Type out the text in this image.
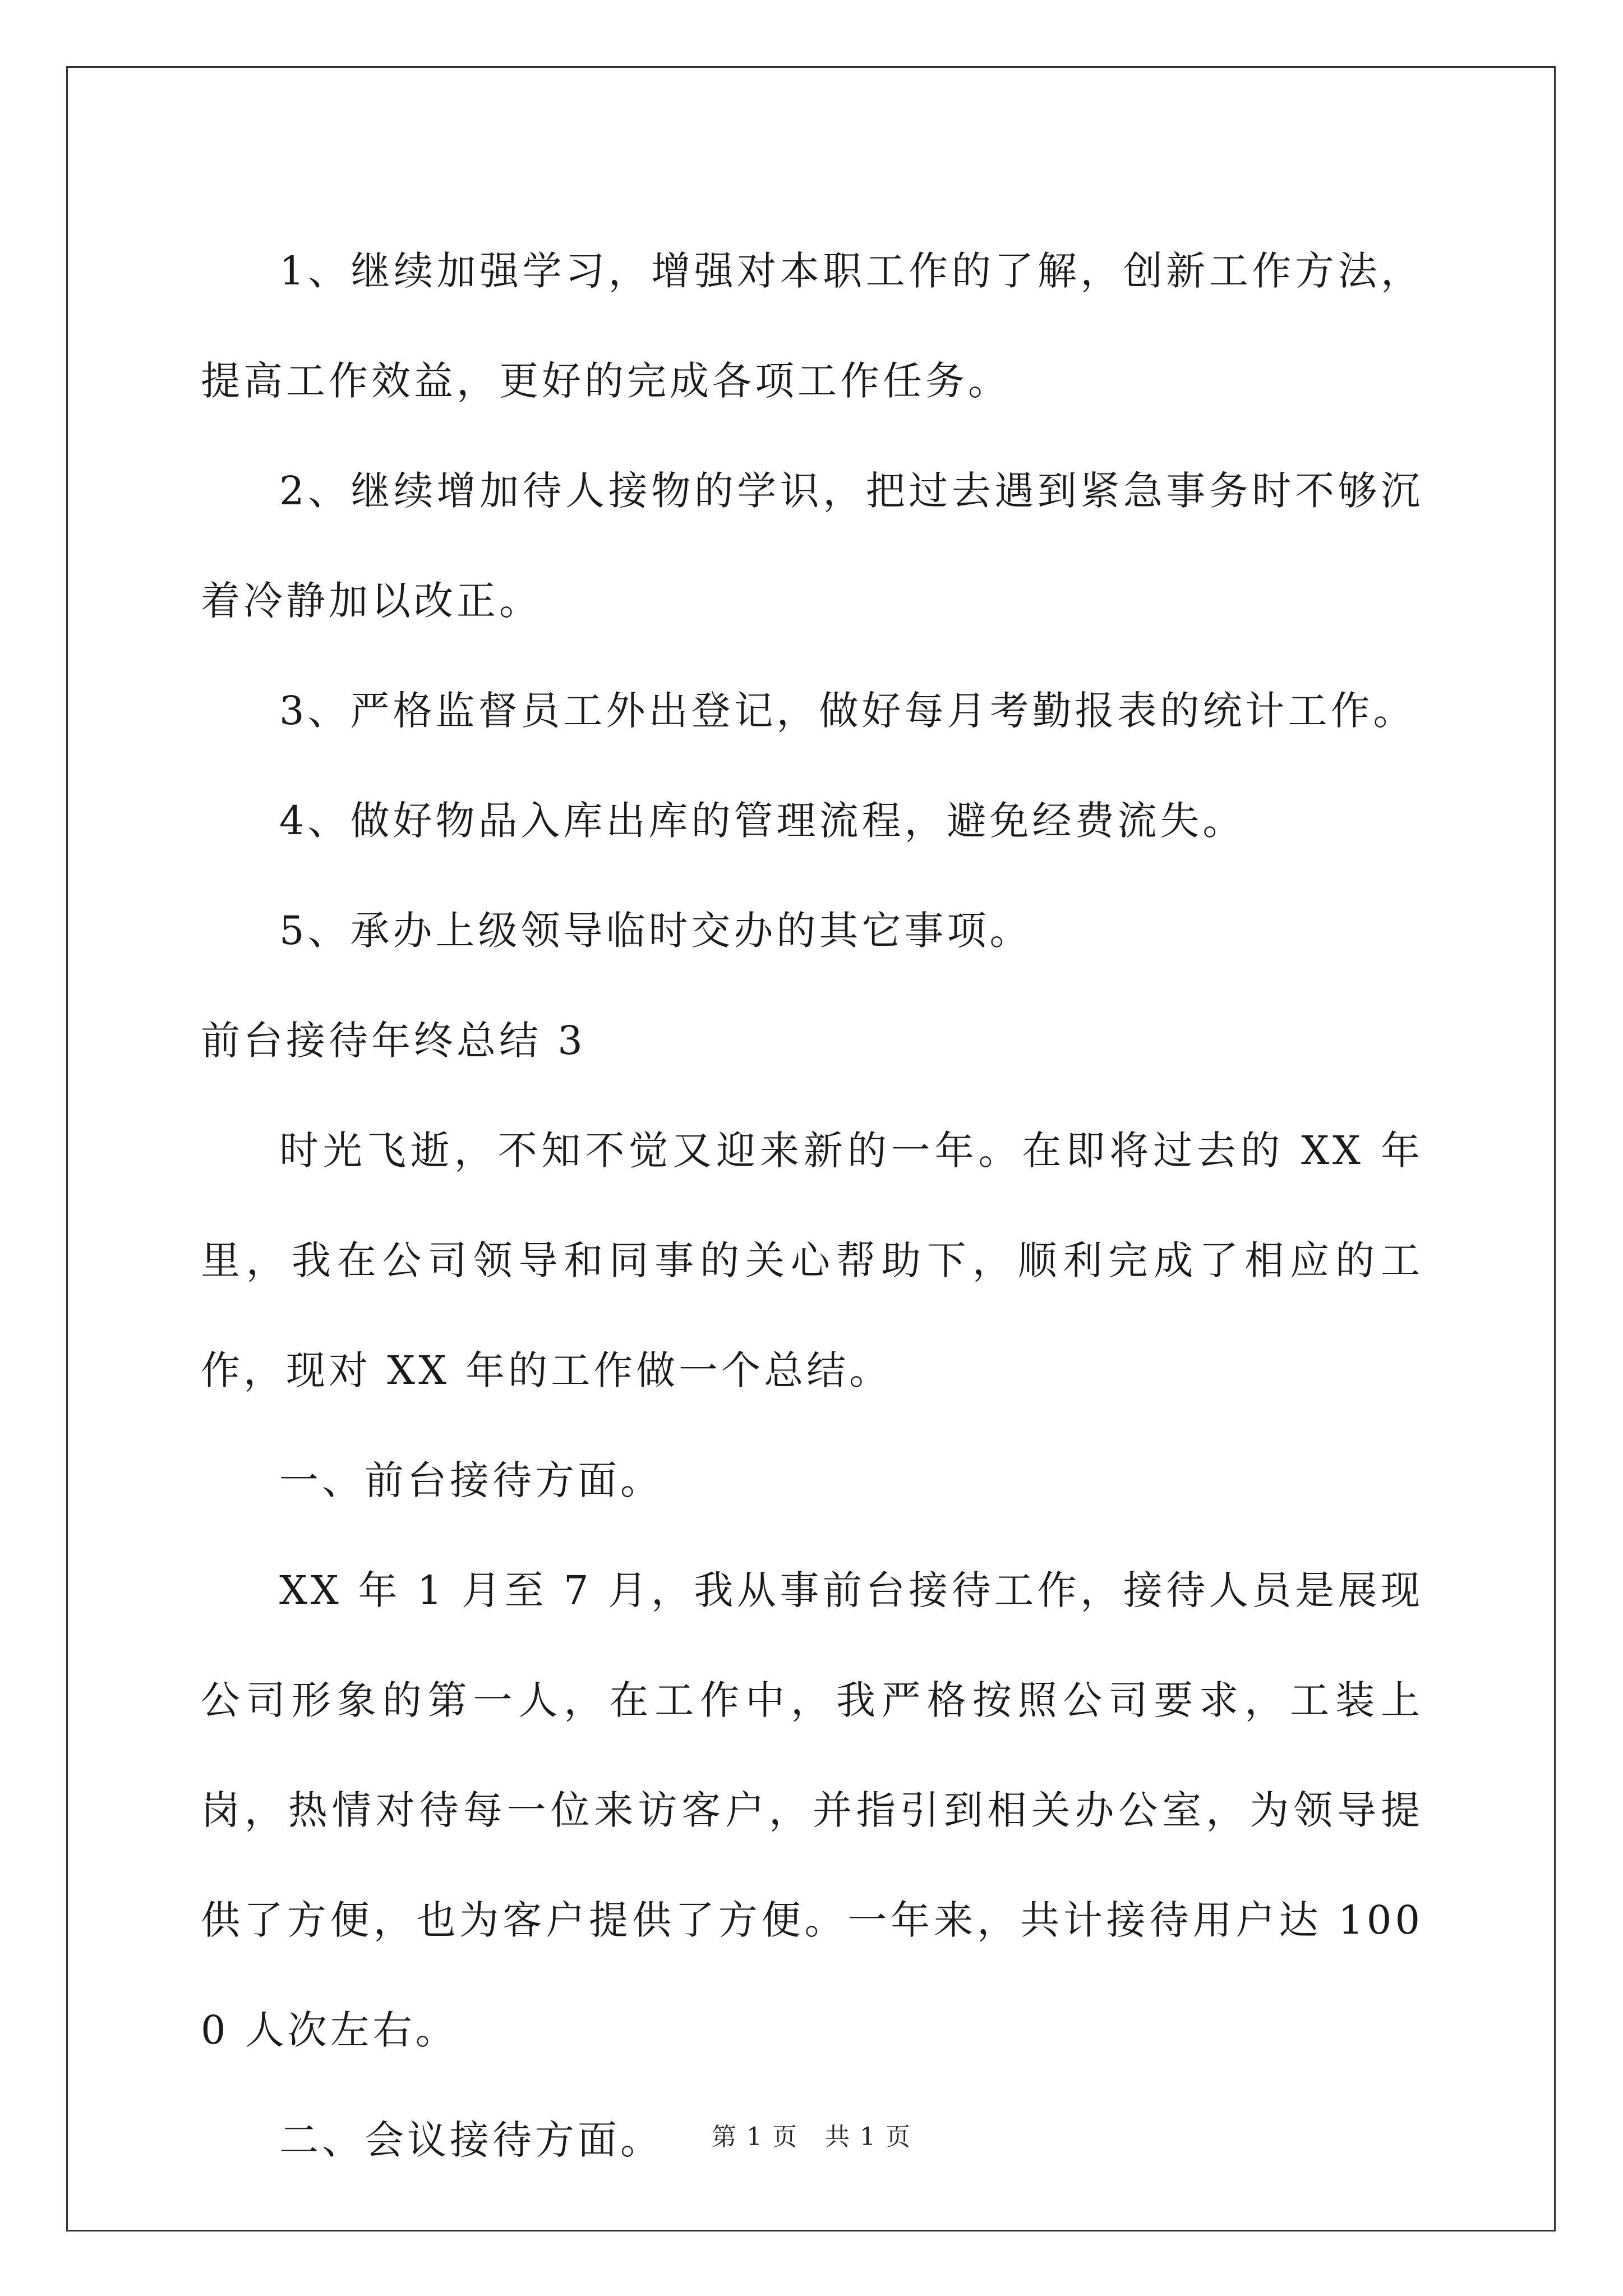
1、继续加强学习，增强对本职工作的了解，创新工作方法，提高工作效益，更好的完成各项工作任务。

2、继续增加待人接物的学识，把过去遇到紧急事务时不够沉着冷静加以改正。

3、严格监督员工外出登记，做好每月考勤报表的统计工作。

4、做好物品入库出库的管理流程，避免经费流失。

5、承办上级领导临时交办的其它事项。

前台接待年终总结 3

时光飞逝，不知不觉又迎来新的一年。在即将过去的 XX 年里，我在公司领导和同事的关心帮助下，顺利完成了相应的工作，现对 XX 年的工作做一个总结。

一、前台接待方面。

XX 年 1 月至 7 月，我从事前台接待工作，接待人员是展现公司形象的第一人，在工作中，我严格按照公司要求，工装上岗，热情对待每一位来访客户，并指引到相关办公室，为领导提供了方便，也为客户提供了方便。一年来，共计接待用户达 1000 人次左右。

二、会议接待方面。	第 1 页   共 1 页
